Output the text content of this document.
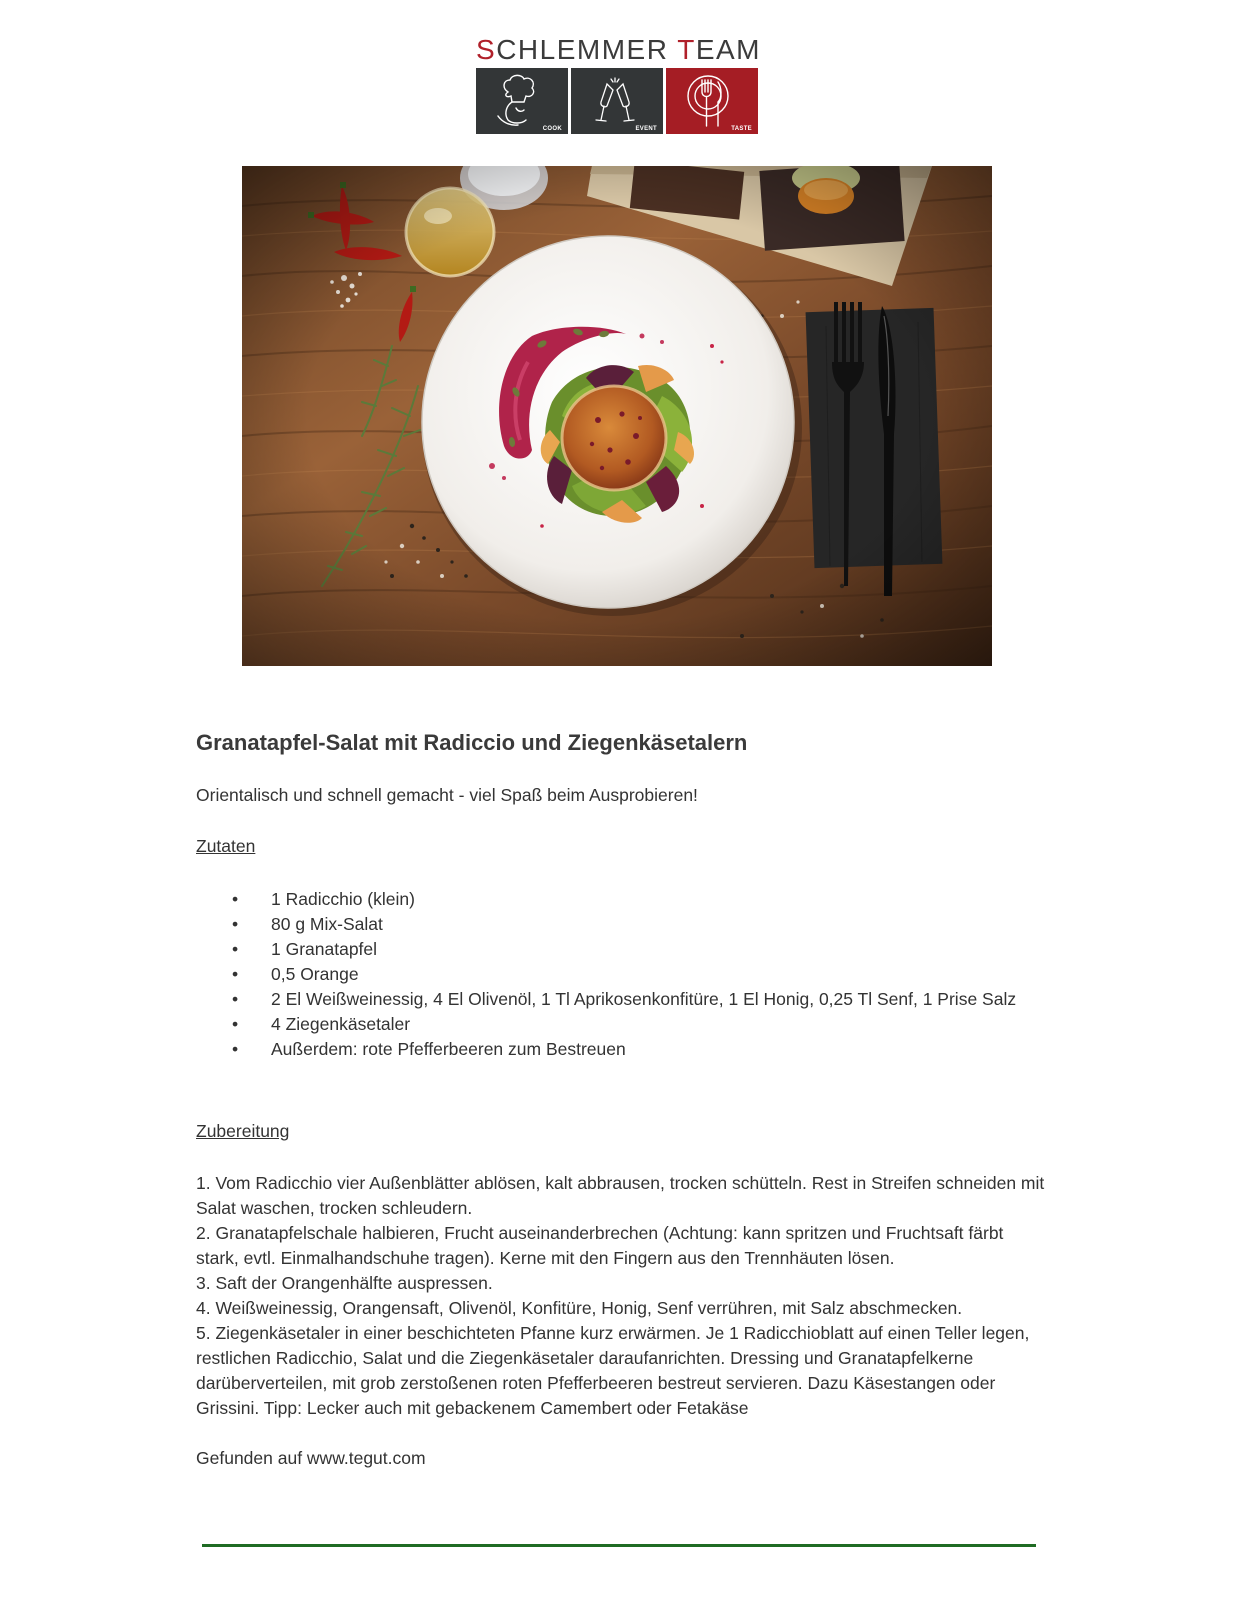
SCHLEMMER TEAM
COOK	EVENT	TASTE
Granatapfel-Salat mit Radiccio und Ziegenkäsetalern

Orientalisch und schnell gemacht - viel Spaß beim Ausprobieren!

Zutaten

• 1 Radicchio (klein)
• 80 g Mix-Salat
• 1 Granatapfel
• 0,5 Orange
• 2 El Weißweinessig, 4 El Olivenöl, 1 Tl Aprikosenkonfitüre, 1 El Honig, 0,25 Tl Senf, 1 Prise Salz
• 4 Ziegenkäsetaler
• Außerdem: rote Pfefferbeeren zum Bestreuen

Zubereitung

1. Vom Radicchio vier Außenblätter ablösen, kalt abbrausen, trocken schütteln. Rest in Streifen schneiden mit Salat waschen, trocken schleudern.

2. Granatapfelschale halbieren, Frucht auseinanderbrechen (Achtung: kann spritzen und Fruchtsaft färbt stark, evtl. Einmalhandschuhe tragen). Kerne mit den Fingern aus den Trennhäuten lösen.

3. Saft der Orangenhälfte auspressen.

4. Weißweinessig, Orangensaft, Olivenöl, Konfitüre, Honig, Senf verrühren, mit Salz abschmecken.

5. Ziegenkäsetaler in einer beschichteten Pfanne kurz erwärmen. Je 1 Radicchioblatt auf einen Teller legen, restlichen Radicchio, Salat und die Ziegenkäsetaler daraufanrichten. Dressing und Granatapfelkerne darüberverteilen, mit grob zerstoßenen roten Pfefferbeeren bestreut servieren. Dazu Käsestangen oder Grissini. Tipp: Lecker auch mit gebackenem Camembert oder Fetakäse

Gefunden auf www.tegut.com
